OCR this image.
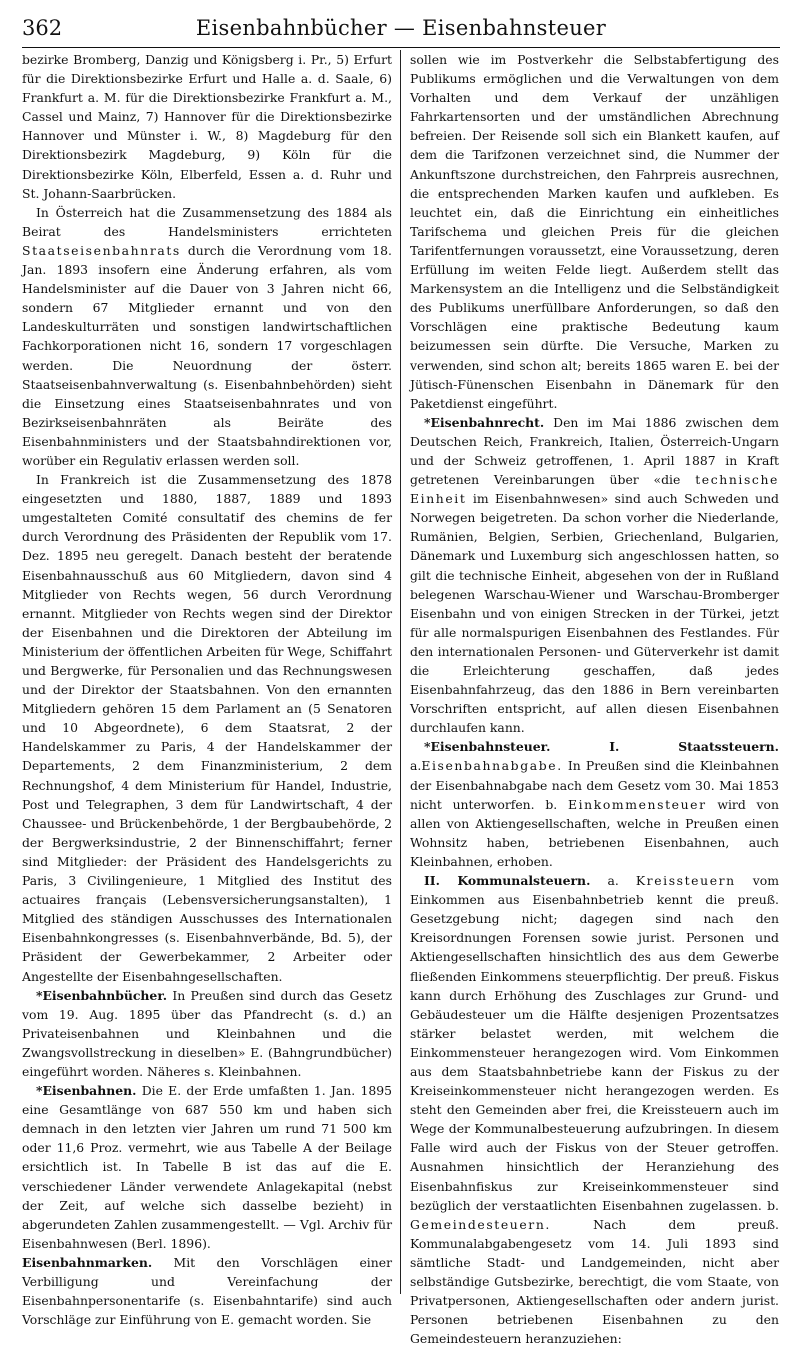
362	Eisenbahnbücher — Eisenbahnsteuer

bezirke Bromberg, Danzig und Königsberg i. Pr., 5) Erfurt für die Direktionsbezirke Erfurt und Halle a. d. Saale, 6) Frankfurt a. M. für die Direktionsbezirke Frankfurt a. M., Cassel und Mainz, 7) Hannover für die Direktionsbezirke Hannover und Münster i. W., 8) Magdeburg für den Direktionsbezirk Magdeburg, 9) Köln für die Direktionsbezirke Köln, Elberfeld, Essen a. d. Ruhr und St. Johann-Saarbrücken.

In Österreich hat die Zusammensetzung des 1884 als Beirat des Handelsministers errichteten Staatseisenbahnrats durch die Verordnung vom 18. Jan. 1893 insofern eine Änderung erfahren, als vom Handelsminister auf die Dauer von 3 Jahren nicht 66, sondern 67 Mitglieder ernannt und von den Landeskulturräten und sonstigen landwirtschaftlichen Fachkorporationen nicht 16, sondern 17 vorgeschlagen werden. Die Neuordnung der österr. Staatseisenbahnverwaltung (s. Eisenbahnbehörden) sieht die Einsetzung eines Staatseisenbahnrates und von Bezirkseisenbahnräten als Beiräte des Eisenbahnministers und der Staatsbahndirektionen vor, worüber ein Regulativ erlassen werden soll.

In Frankreich ist die Zusammensetzung des 1878 eingesetzten und 1880, 1887, 1889 und 1893 umgestalteten Comité consultatif des chemins de fer durch Verordnung des Präsidenten der Republik vom 17. Dez. 1895 neu geregelt. Danach besteht der beratende Eisenbahnausschuß aus 60 Mitgliedern, davon sind 4 Mitglieder von Rechts wegen, 56 durch Verordnung ernannt. Mitglieder von Rechts wegen sind der Direktor der Eisenbahnen und die Direktoren der Abteilung im Ministerium der öffentlichen Arbeiten für Wege, Schiffahrt und Bergwerke, für Personalien und das Rechnungswesen und der Direktor der Staatsbahnen. Von den ernannten Mitgliedern gehören 15 dem Parlament an (5 Senatoren und 10 Abgeordnete), 6 dem Staatsrat, 2 der Handelskammer zu Paris, 4 der Handelskammer der Departements, 2 dem Finanzministerium, 2 dem Rechnungshof, 4 dem Ministerium für Handel, Industrie, Post und Telegraphen, 3 dem für Landwirtschaft, 4 der Chaussee- und Brückenbehörde, 1 der Bergbaubehörde, 2 der Bergwerksindustrie, 2 der Binnenschiffahrt; ferner sind Mitglieder: der Präsident des Handelsgerichts zu Paris, 3 Civilingenieure, 1 Mitglied des Institut des actuaires français (Lebensversicherungsanstalten), 1 Mitglied des ständigen Ausschusses des Internationalen Eisenbahnkongresses (s. Eisenbahnverbände, Bd. 5), der Präsident der Gewerbekammer, 2 Arbeiter oder Angestellte der Eisenbahngesellschaften.

*Eisenbahnbücher. In Preußen sind durch das Gesetz vom 19. Aug. 1895 über das Pfandrecht (s. d.) an Privateisenbahnen und Kleinbahnen und die Zwangsvollstreckung in dieselben» E. (Bahngrundbücher) eingeführt worden. Näheres s. Kleinbahnen.

*Eisenbahnen. Die E. der Erde umfaßten 1. Jan. 1895 eine Gesamtlänge von 687 550 km und haben sich demnach in den letzten vier Jahren um rund 71 500 km oder 11,6 Proz. vermehrt, wie aus Tabelle A der Beilage ersichtlich ist. In Tabelle B ist das auf die E. verschiedener Länder verwendete Anlagekapital (nebst der Zeit, auf welche sich dasselbe bezieht) in abgerundeten Zahlen zusammengestellt. — Vgl. Archiv für Eisenbahnwesen (Berl. 1896).

Eisenbahnmarken. Mit den Vorschlägen einer Verbilligung und Vereinfachung der Eisenbahnpersonentarife (s. Eisenbahntarife) sind auch Vorschläge zur Einführung von E. gemacht worden. Sie

sollen wie im Postverkehr die Selbstabfertigung des Publikums ermöglichen und die Verwaltungen von dem Vorhalten und dem Verkauf der unzähligen Fahrkartensorten und der umständlichen Abrechnung befreien. Der Reisende soll sich ein Blankett kaufen, auf dem die Tarifzonen verzeichnet sind, die Nummer der Ankunftszone durchstreichen, den Fahrpreis ausrechnen, die entsprechenden Marken kaufen und aufkleben. Es leuchtet ein, daß die Einrichtung ein einheitliches Tarifschema und gleichen Preis für die gleichen Tarifentfernungen voraussetzt, eine Voraussetzung, deren Erfüllung im weiten Felde liegt. Außerdem stellt das Markensystem an die Intelligenz und die Selbständigkeit des Publikums unerfüllbare Anforderungen, so daß den Vorschlägen eine praktische Bedeutung kaum beizumessen sein dürfte. Die Versuche, Marken zu verwenden, sind schon alt; bereits 1865 waren E. bei der Jütisch-Fünenschen Eisenbahn in Dänemark für den Paketdienst eingeführt.

*Eisenbahnrecht. Den im Mai 1886 zwischen dem Deutschen Reich, Frankreich, Italien, Österreich-Ungarn und der Schweiz getroffenen, 1. April 1887 in Kraft getretenen Vereinbarungen über «die technische Einheit im Eisenbahnwesen» sind auch Schweden und Norwegen beigetreten. Da schon vorher die Niederlande, Rumänien, Belgien, Serbien, Griechenland, Bulgarien, Dänemark und Luxemburg sich angeschlossen hatten, so gilt die technische Einheit, abgesehen von der in Rußland belegenen Warschau-Wiener und Warschau-Bromberger Eisenbahn und von einigen Strecken in der Türkei, jetzt für alle normalspurigen Eisenbahnen des Festlandes. Für den internationalen Personen- und Güterverkehr ist damit die Erleichterung geschaffen, daß jedes Eisenbahnfahrzeug, das den 1886 in Bern vereinbarten Vorschriften entspricht, auf allen diesen Eisenbahnen durchlaufen kann.

*Eisenbahnsteuer. I. Staatssteuern. a.Eisenbahnabgabe. In Preußen sind die Kleinbahnen der Eisenbahnabgabe nach dem Gesetz vom 30. Mai 1853 nicht unterworfen. b. Einkommensteuer wird von allen von Aktiengesellschaften, welche in Preußen einen Wohnsitz haben, betriebenen Eisenbahnen, auch Kleinbahnen, erhoben.

II. Kommunalsteuern. a. Kreissteuern vom Einkommen aus Eisenbahnbetrieb kennt die preuß. Gesetzgebung nicht; dagegen sind nach den Kreisordnungen Forensen sowie jurist. Personen und Aktiengesellschaften hinsichtlich des aus dem Gewerbe fließenden Einkommens steuerpflichtig. Der preuß. Fiskus kann durch Erhöhung des Zuschlages zur Grund- und Gebäudesteuer um die Hälfte desjenigen Prozentsatzes stärker belastet werden, mit welchem die Einkommensteuer herangezogen wird. Vom Einkommen aus dem Staatsbahnbetriebe kann der Fiskus zu der Kreiseinkommensteuer nicht herangezogen werden. Es steht den Gemeinden aber frei, die Kreissteuern auch im Wege der Kommunalbesteuerung aufzubringen. In diesem Falle wird auch der Fiskus von der Steuer getroffen. Ausnahmen hinsichtlich der Heranziehung des Eisenbahnfiskus zur Kreiseinkommensteuer sind bezüglich der verstaatlichten Eisenbahnen zugelassen. b. Gemeindesteuern.	Nach dem preuß. Kommunalabgabengesetz vom 14. Juli 1893 sind sämtliche Stadt- und Landgemeinden, nicht aber selbständige Gutsbezirke, berechtigt, die vom Staate, von Privatpersonen, Aktiengesellschaften oder andern jurist. Personen betriebenen Eisenbahnen zu den Gemeindesteuern heranzuziehen:
